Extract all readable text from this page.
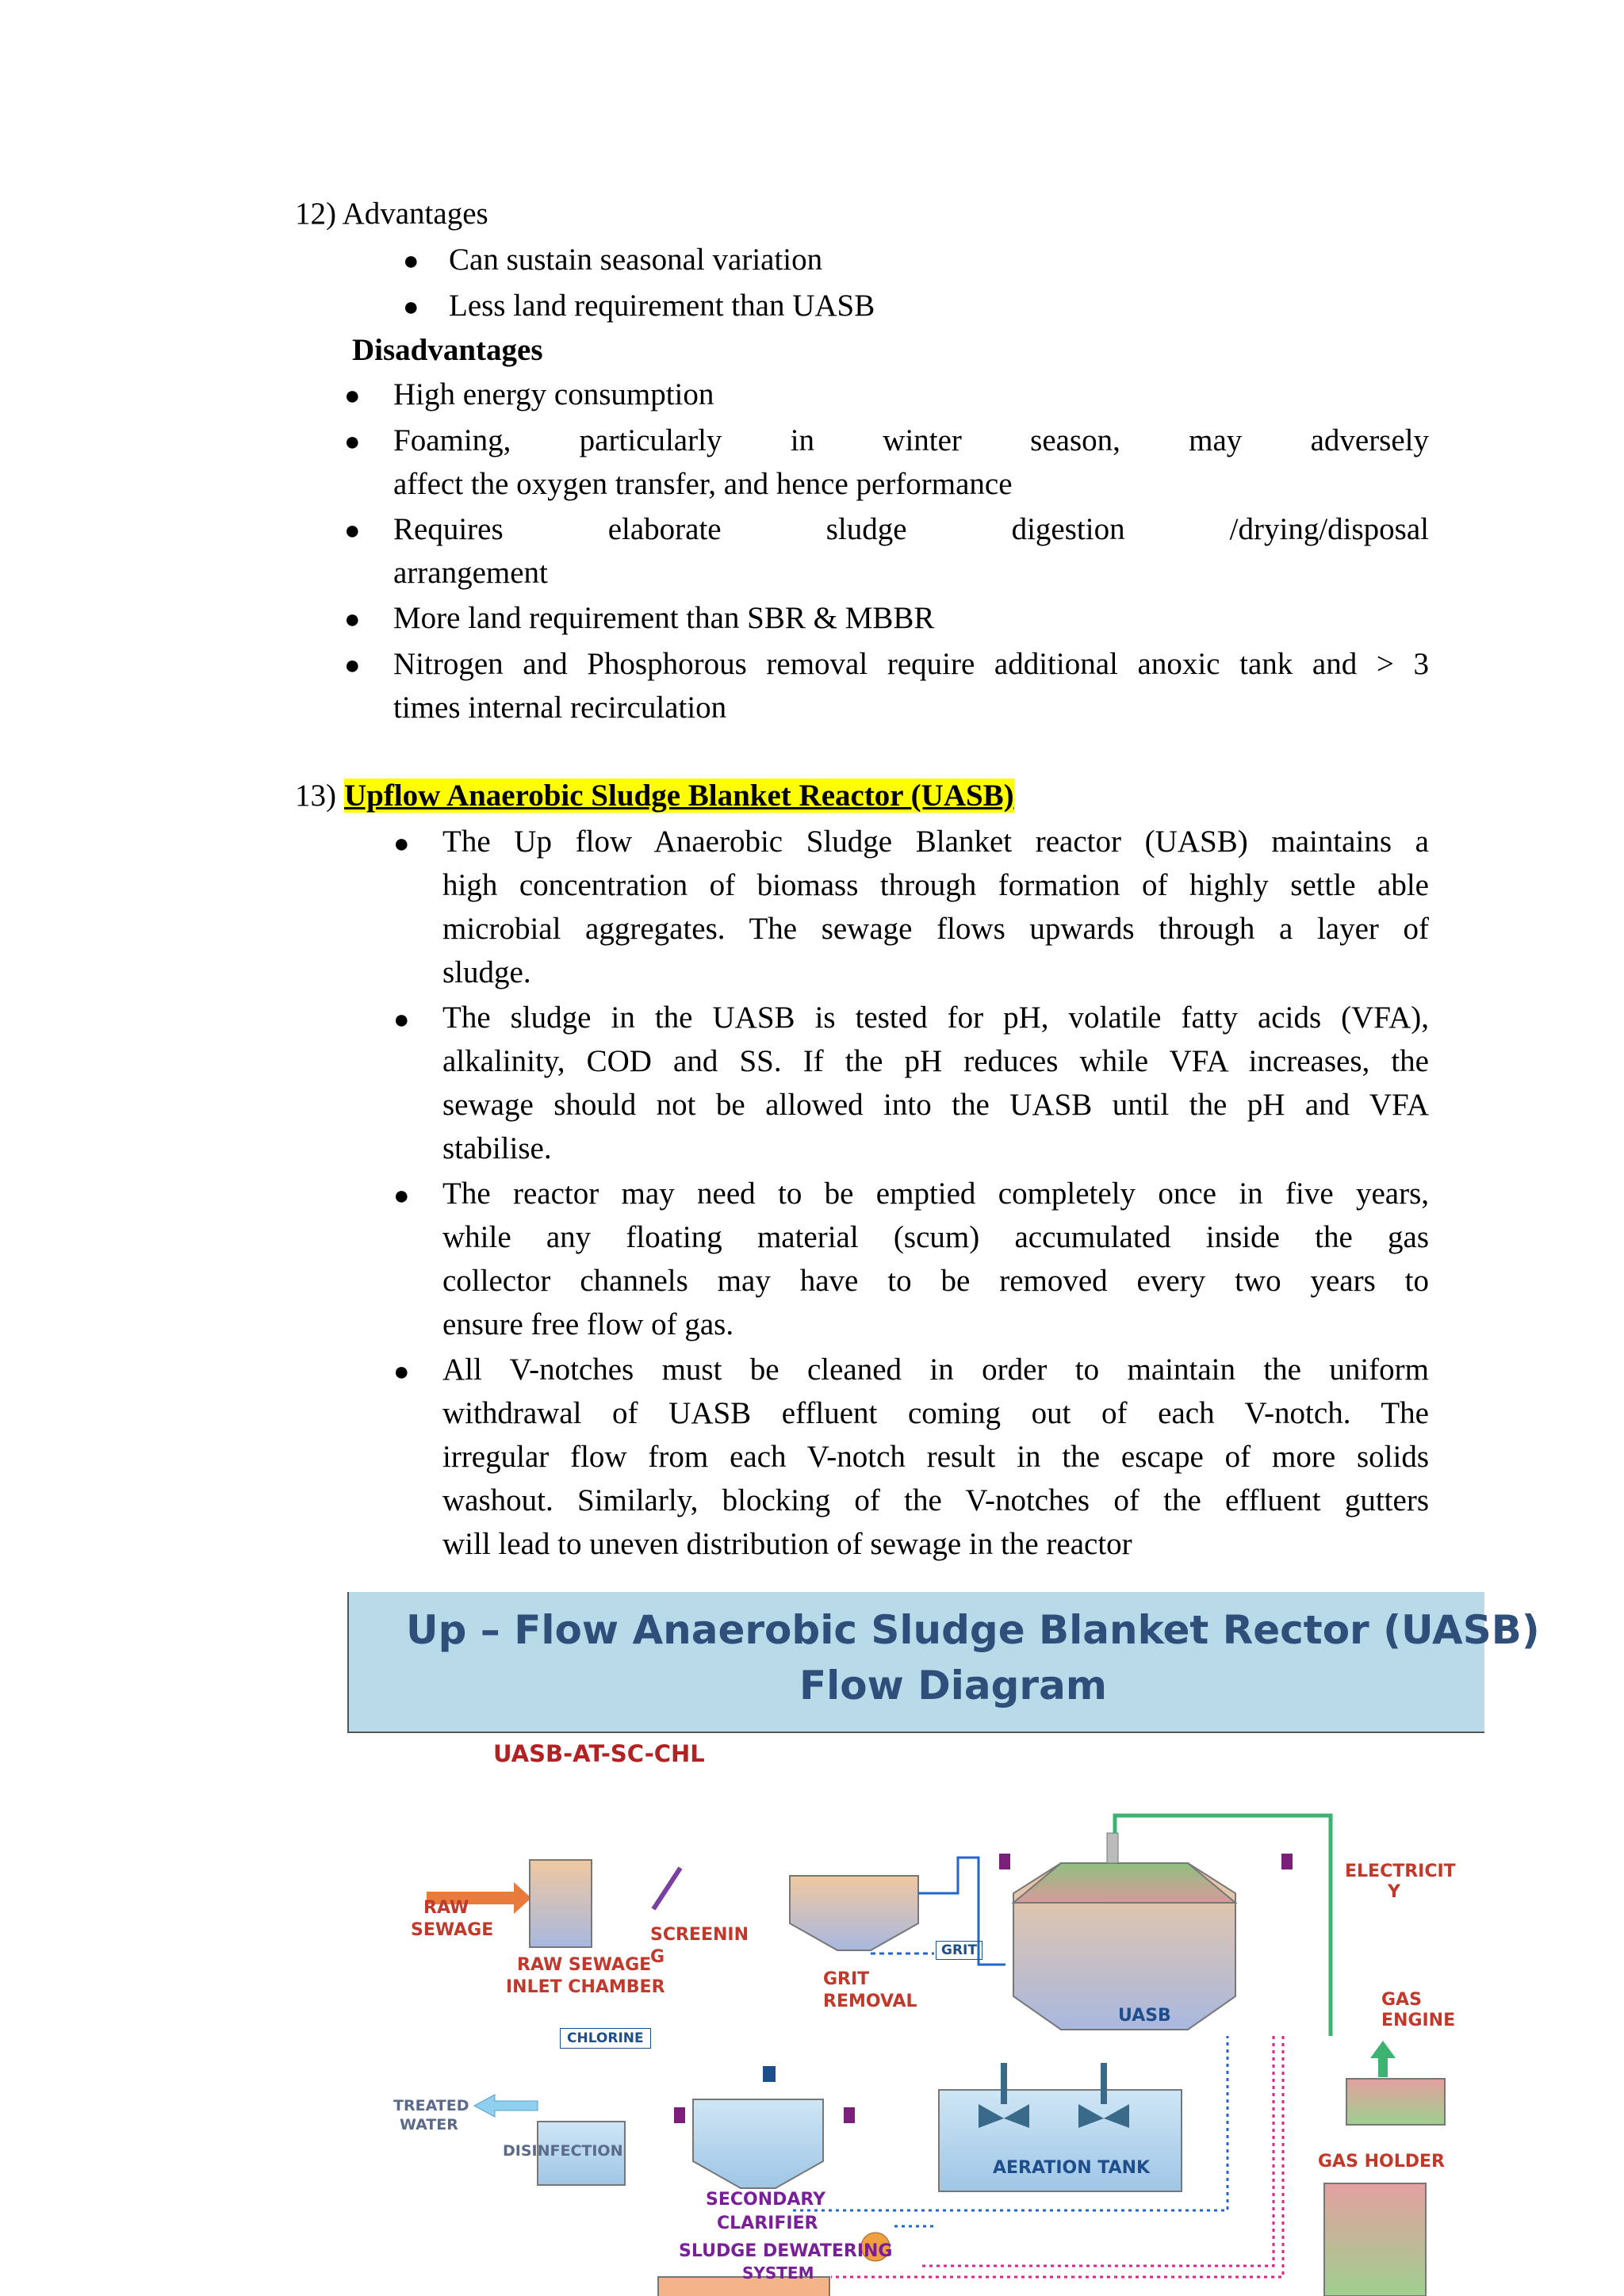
12) Advantages
● Can sustain seasonal variation
● Less land requirement than UASB
Disadvantages
● High energy consumption
● Foaming, particularly in winter season, may adversely
affect the oxygen transfer, and hence performance
● Requires elaborate sludge digestion /drying/disposal
arrangement
● More land requirement than SBR & MBBR
● Nitrogen and Phosphorous removal require additional anoxic tank and > 3
times internal recirculation
13) Upflow Anaerobic Sludge Blanket Reactor (UASB)
● The Up flow Anaerobic Sludge Blanket reactor (UASB) maintains a
high concentration of biomass through formation of highly settle able
microbial aggregates. The sewage flows upwards through a layer of
sludge.
● The sludge in the UASB is tested for pH, volatile fatty acids (VFA),
alkalinity, COD and SS. If the pH reduces while VFA increases, the
sewage should not be allowed into the UASB until the pH and VFA
stabilise.
● The reactor may need to be emptied completely once in five years,
while any floating material (scum) accumulated inside the gas
collector channels may have to be removed every two years to
ensure free flow of gas.
● All V-notches must be cleaned in order to maintain the uniform
withdrawal of UASB effluent coming out of each V-notch. The
irregular flow from each V-notch result in the escape of more solids
washout. Similarly, blocking of the V-notches of the effluent gutters
will lead to uneven distribution of sewage in the reactor
Up – Flow Anaerobic Sludge Blanket Rector (UASB)
Flow Diagram
UASB-AT-SC-CHL
RAW
SEWAGE
RAW SEWAGE
INLET CHAMBER
SCREENIN
G
GRIT
REMOVAL
GRIT
UASB
ELECTRICIT
Y
GAS
ENGINE
GAS HOLDER
CHLORINE
TREATED
WATER
DISINFECTION
AERATION TANK
SECONDARY
CLARIFIER
SLUDGE DEWATERING
SYSTEM
